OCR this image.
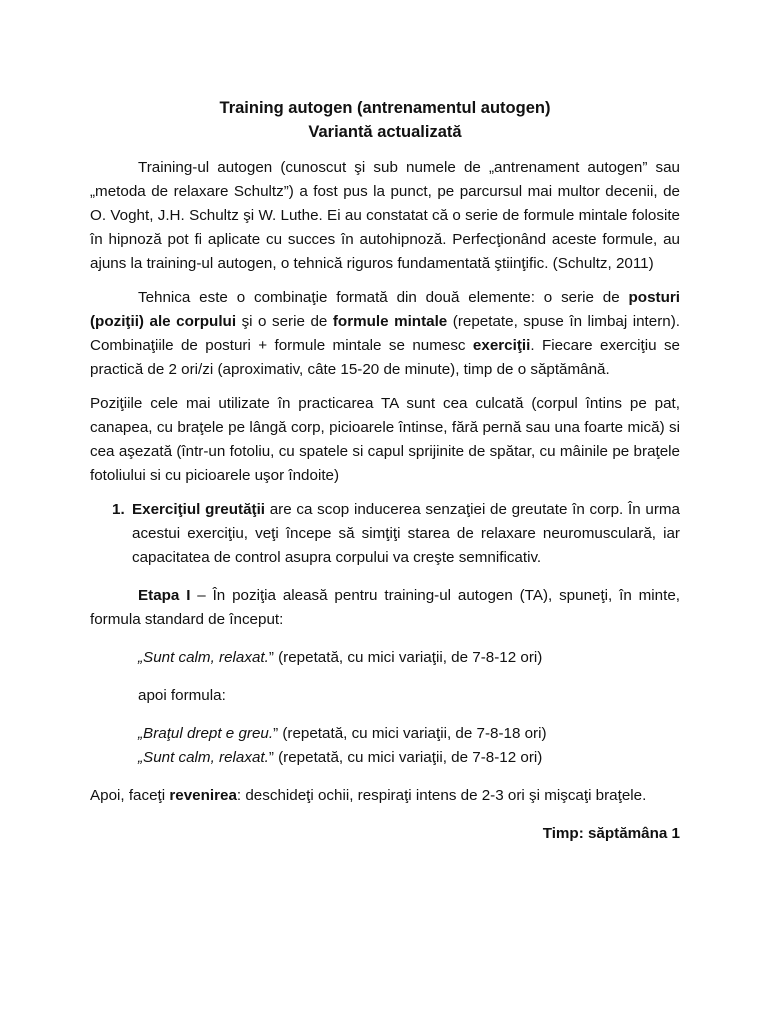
Training autogen (antrenamentul autogen)

Variantă actualizată

Training-ul autogen (cunoscut şi sub numele de „antrenament autogen” sau „metoda de relaxare Schultz”) a fost pus la punct, pe parcursul mai multor decenii, de O. Voght, J.H. Schultz şi W. Luthe. Ei au constatat că o serie de formule mintale folosite în hipnoză pot fi aplicate cu succes în autohipnoză. Perfecţionând aceste formule, au ajuns la training-ul autogen, o tehnică riguros fundamentată ştiinţific. (Schultz, 2011)

Tehnica este o combinaţie formată din două elemente: o serie de posturi (poziţii) ale corpului şi o serie de formule mintale (repetate, spuse în limbaj intern). Combinaţiile de posturi + formule mintale se numesc exerciţii. Fiecare exerciţiu se practică de 2 ori/zi (aproximativ, câte 15-20 de minute), timp de o săptămână.

Poziţiile cele mai utilizate în practicarea TA sunt cea culcată (corpul întins pe pat, canapea, cu braţele pe lângă corp, picioarele întinse, fără pernă sau una foarte mică) si cea aşezată (într-un fotoliu, cu spatele si capul sprijinite de spătar, cu mâinile pe braţele fotoliului si cu picioarele uşor îndoite)

1. Exerciţiul greutăţii are ca scop inducerea senzaţiei de greutate în corp. În urma acestui exerciţiu, veţi începe să simţiţi starea de relaxare neuromusculară, iar capacitatea de control asupra corpului va creşte semnificativ.

Etapa I – În poziţia aleasă pentru training-ul autogen (TA), spuneţi, în minte, formula standard de început:

„Sunt calm, relaxat.” (repetată, cu mici variaţii, de 7-8-12 ori)

apoi formula:

„Braţul drept e greu.” (repetată, cu mici variaţii, de 7-8-18 ori)

„Sunt calm, relaxat.” (repetată, cu mici variaţii, de 7-8-12 ori)

Apoi, faceţi revenirea: deschideţi ochii, respiraţi intens de 2-3 ori şi mişcaţi braţele.

Timp: săptămâna 1
